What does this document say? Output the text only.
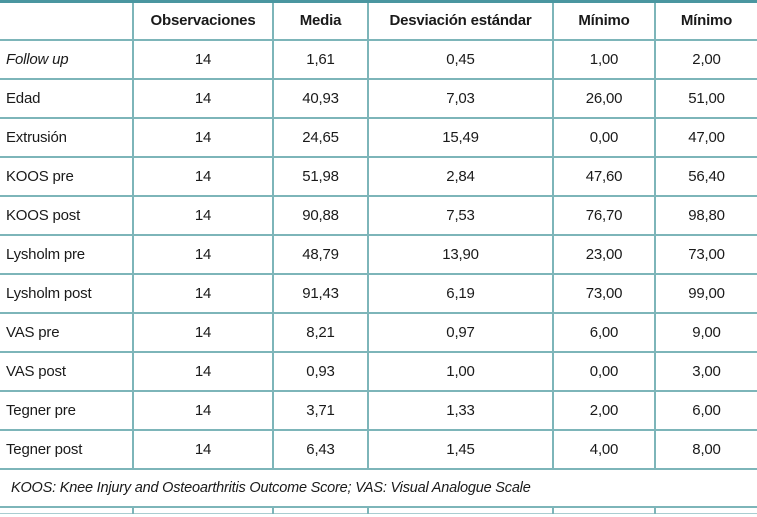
	Observaciones	Media	Desviación estándar	Mínimo	Mínimo
Follow up	14	1,61	0,45	1,00	2,00
Edad	14	40,93	7,03	26,00	51,00
Extrusión	14	24,65	15,49	0,00	47,00
KOOS pre	14	51,98	2,84	47,60	56,40
KOOS post	14	90,88	7,53	76,70	98,80
Lysholm pre	14	48,79	13,90	23,00	73,00
Lysholm post	14	91,43	6,19	73,00	99,00
VAS pre	14	8,21	0,97	6,00	9,00
VAS post	14	0,93	1,00	0,00	3,00
Tegner pre	14	3,71	1,33	2,00	6,00
Tegner post	14	6,43	1,45	4,00	8,00
KOOS: Knee Injury and Osteoarthritis Outcome Score; VAS: Visual Analogue Scale					
